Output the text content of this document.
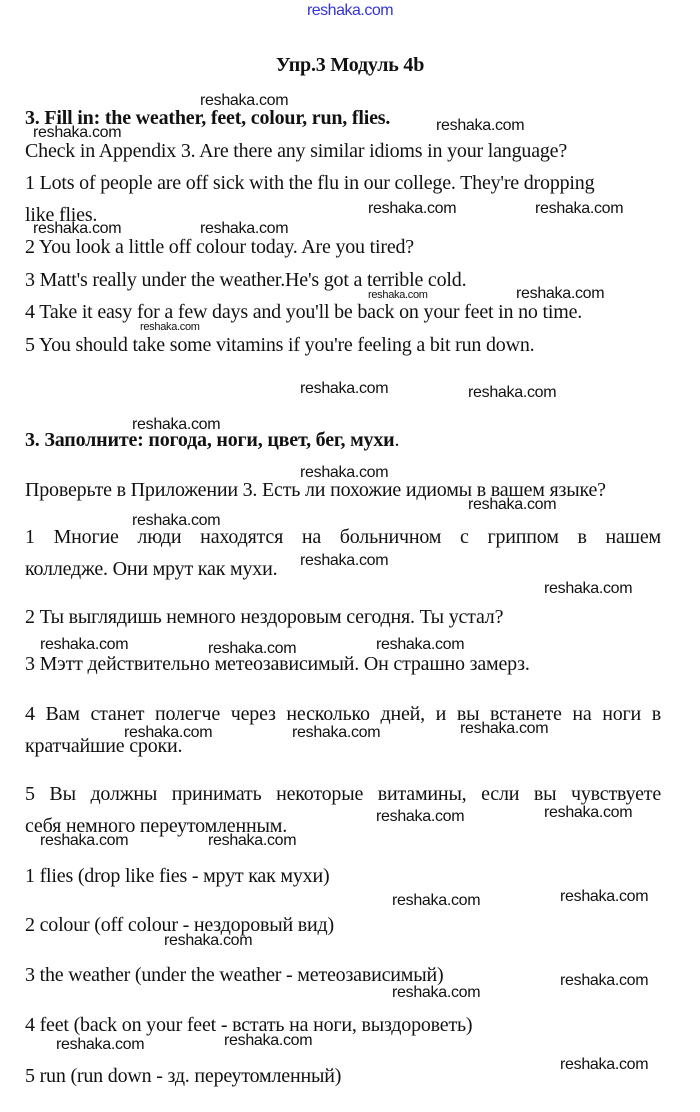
reshaka.com
Упр.3 Модуль 4b
3. Fill in: the weather, feet, colour, run, flies.
Check in Appendix 3. Are there any similar idioms in your language?
1 Lots of people are off sick with the flu in our college. They're dropping
like flies.
2 You look a little off colour today. Are you tired?
3 Matt's really under the weather.He's got a terrible cold.
4 Take it easy for a few days and you'll be back on your feet in no time.
5 You should take some vitamins if you're feeling a bit run down.
3. Заполните: погода, ноги, цвет, бег, мухи.
Проверьте в Приложении 3. Есть ли похожие идиомы в вашем языке?
1 Многие люди находятся на больничном с гриппом в нашем
колледже. Они мрут как мухи.
2 Ты выглядишь немного нездоровым сегодня. Ты устал?
3 Мэтт действительно метеозависимый. Он страшно замерз.
4 Вам станет полегче через несколько дней, и вы встанете на ноги в
кратчайшие сроки.
5 Вы должны принимать некоторые витамины, если вы чувствуете
себя немного переутомленным.
1 flies (drop like fies - мрут как мухи)
2 colour (off colour - нездоровый вид)
3 the weather (under the weather - метеозависимый)
4 feet (back on your feet - встать на ноги, выздороветь)
5 run (run down - зд. переутомленный)
reshaka.com
reshaka.com	reshaka.com
reshaka.com	reshaka.com
reshaka.com	reshaka.com
reshaka.com	reshaka.com
reshaka.com
reshaka.com	reshaka.com
reshaka.com
reshaka.com
reshaka.com
reshaka.com
reshaka.com
reshaka.com
reshaka.com	reshaka.com	reshaka.com
reshaka.com	reshaka.com	reshaka.com
reshaka.com	reshaka.com
reshaka.com	reshaka.com
reshaka.com	reshaka.com
reshaka.com
reshaka.com
reshaka.com
reshaka.com	reshaka.com
reshaka.com
